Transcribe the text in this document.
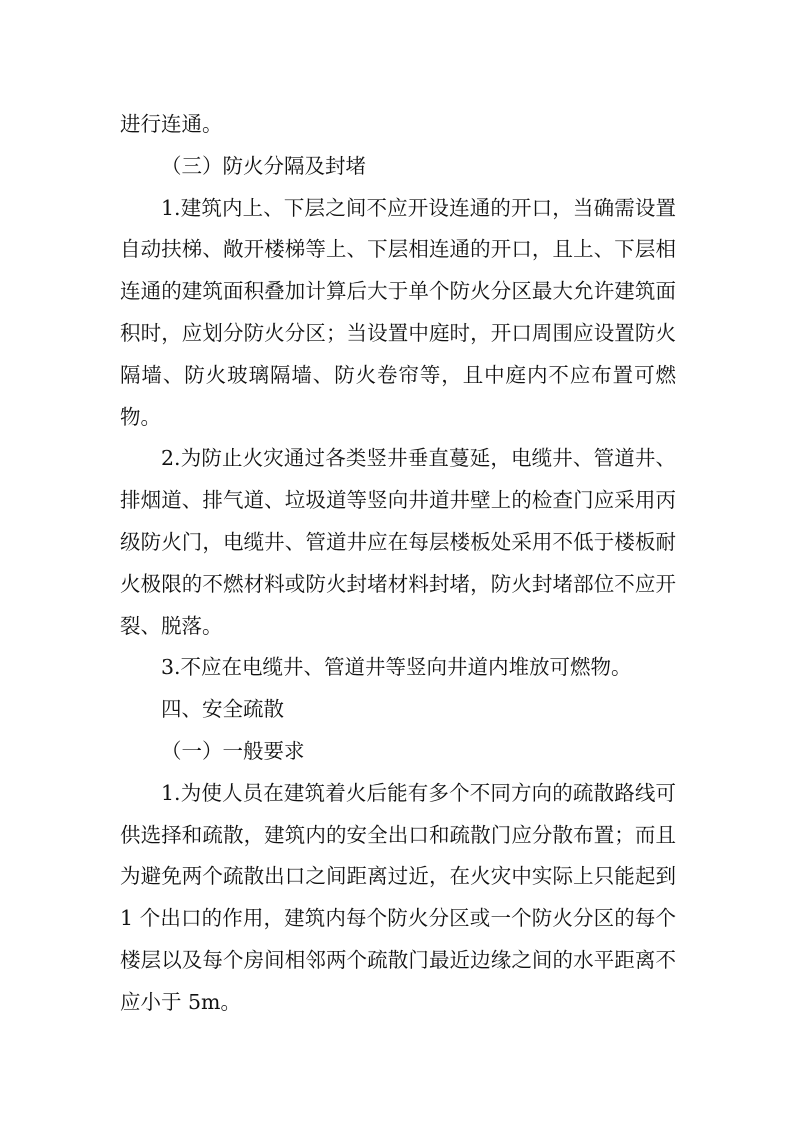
进行连通。

（三）防火分隔及封堵

1.建筑内上、下层之间不应开设连通的开口，当确需设置自动扶梯、敞开楼梯等上、下层相连通的开口，且上、下层相连通的建筑面积叠加计算后大于单个防火分区最大允许建筑面积时，应划分防火分区；当设置中庭时，开口周围应设置防火隔墙、防火玻璃隔墙、防火卷帘等，且中庭内不应布置可燃物。

2.为防止火灾通过各类竖井垂直蔓延，电缆井、管道井、排烟道、排气道、垃圾道等竖向井道井壁上的检查门应采用丙级防火门，电缆井、管道井应在每层楼板处采用不低于楼板耐火极限的不燃材料或防火封堵材料封堵，防火封堵部位不应开裂、脱落。

3.不应在电缆井、管道井等竖向井道内堆放可燃物。

四、安全疏散

（一）一般要求

1.为使人员在建筑着火后能有多个不同方向的疏散路线可供选择和疏散，建筑内的安全出口和疏散门应分散布置；而且为避免两个疏散出口之间距离过近，在火灾中实际上只能起到 1 个出口的作用，建筑内每个防火分区或一个防火分区的每个楼层以及每个房间相邻两个疏散门最近边缘之间的水平距离不应小于 5m。
